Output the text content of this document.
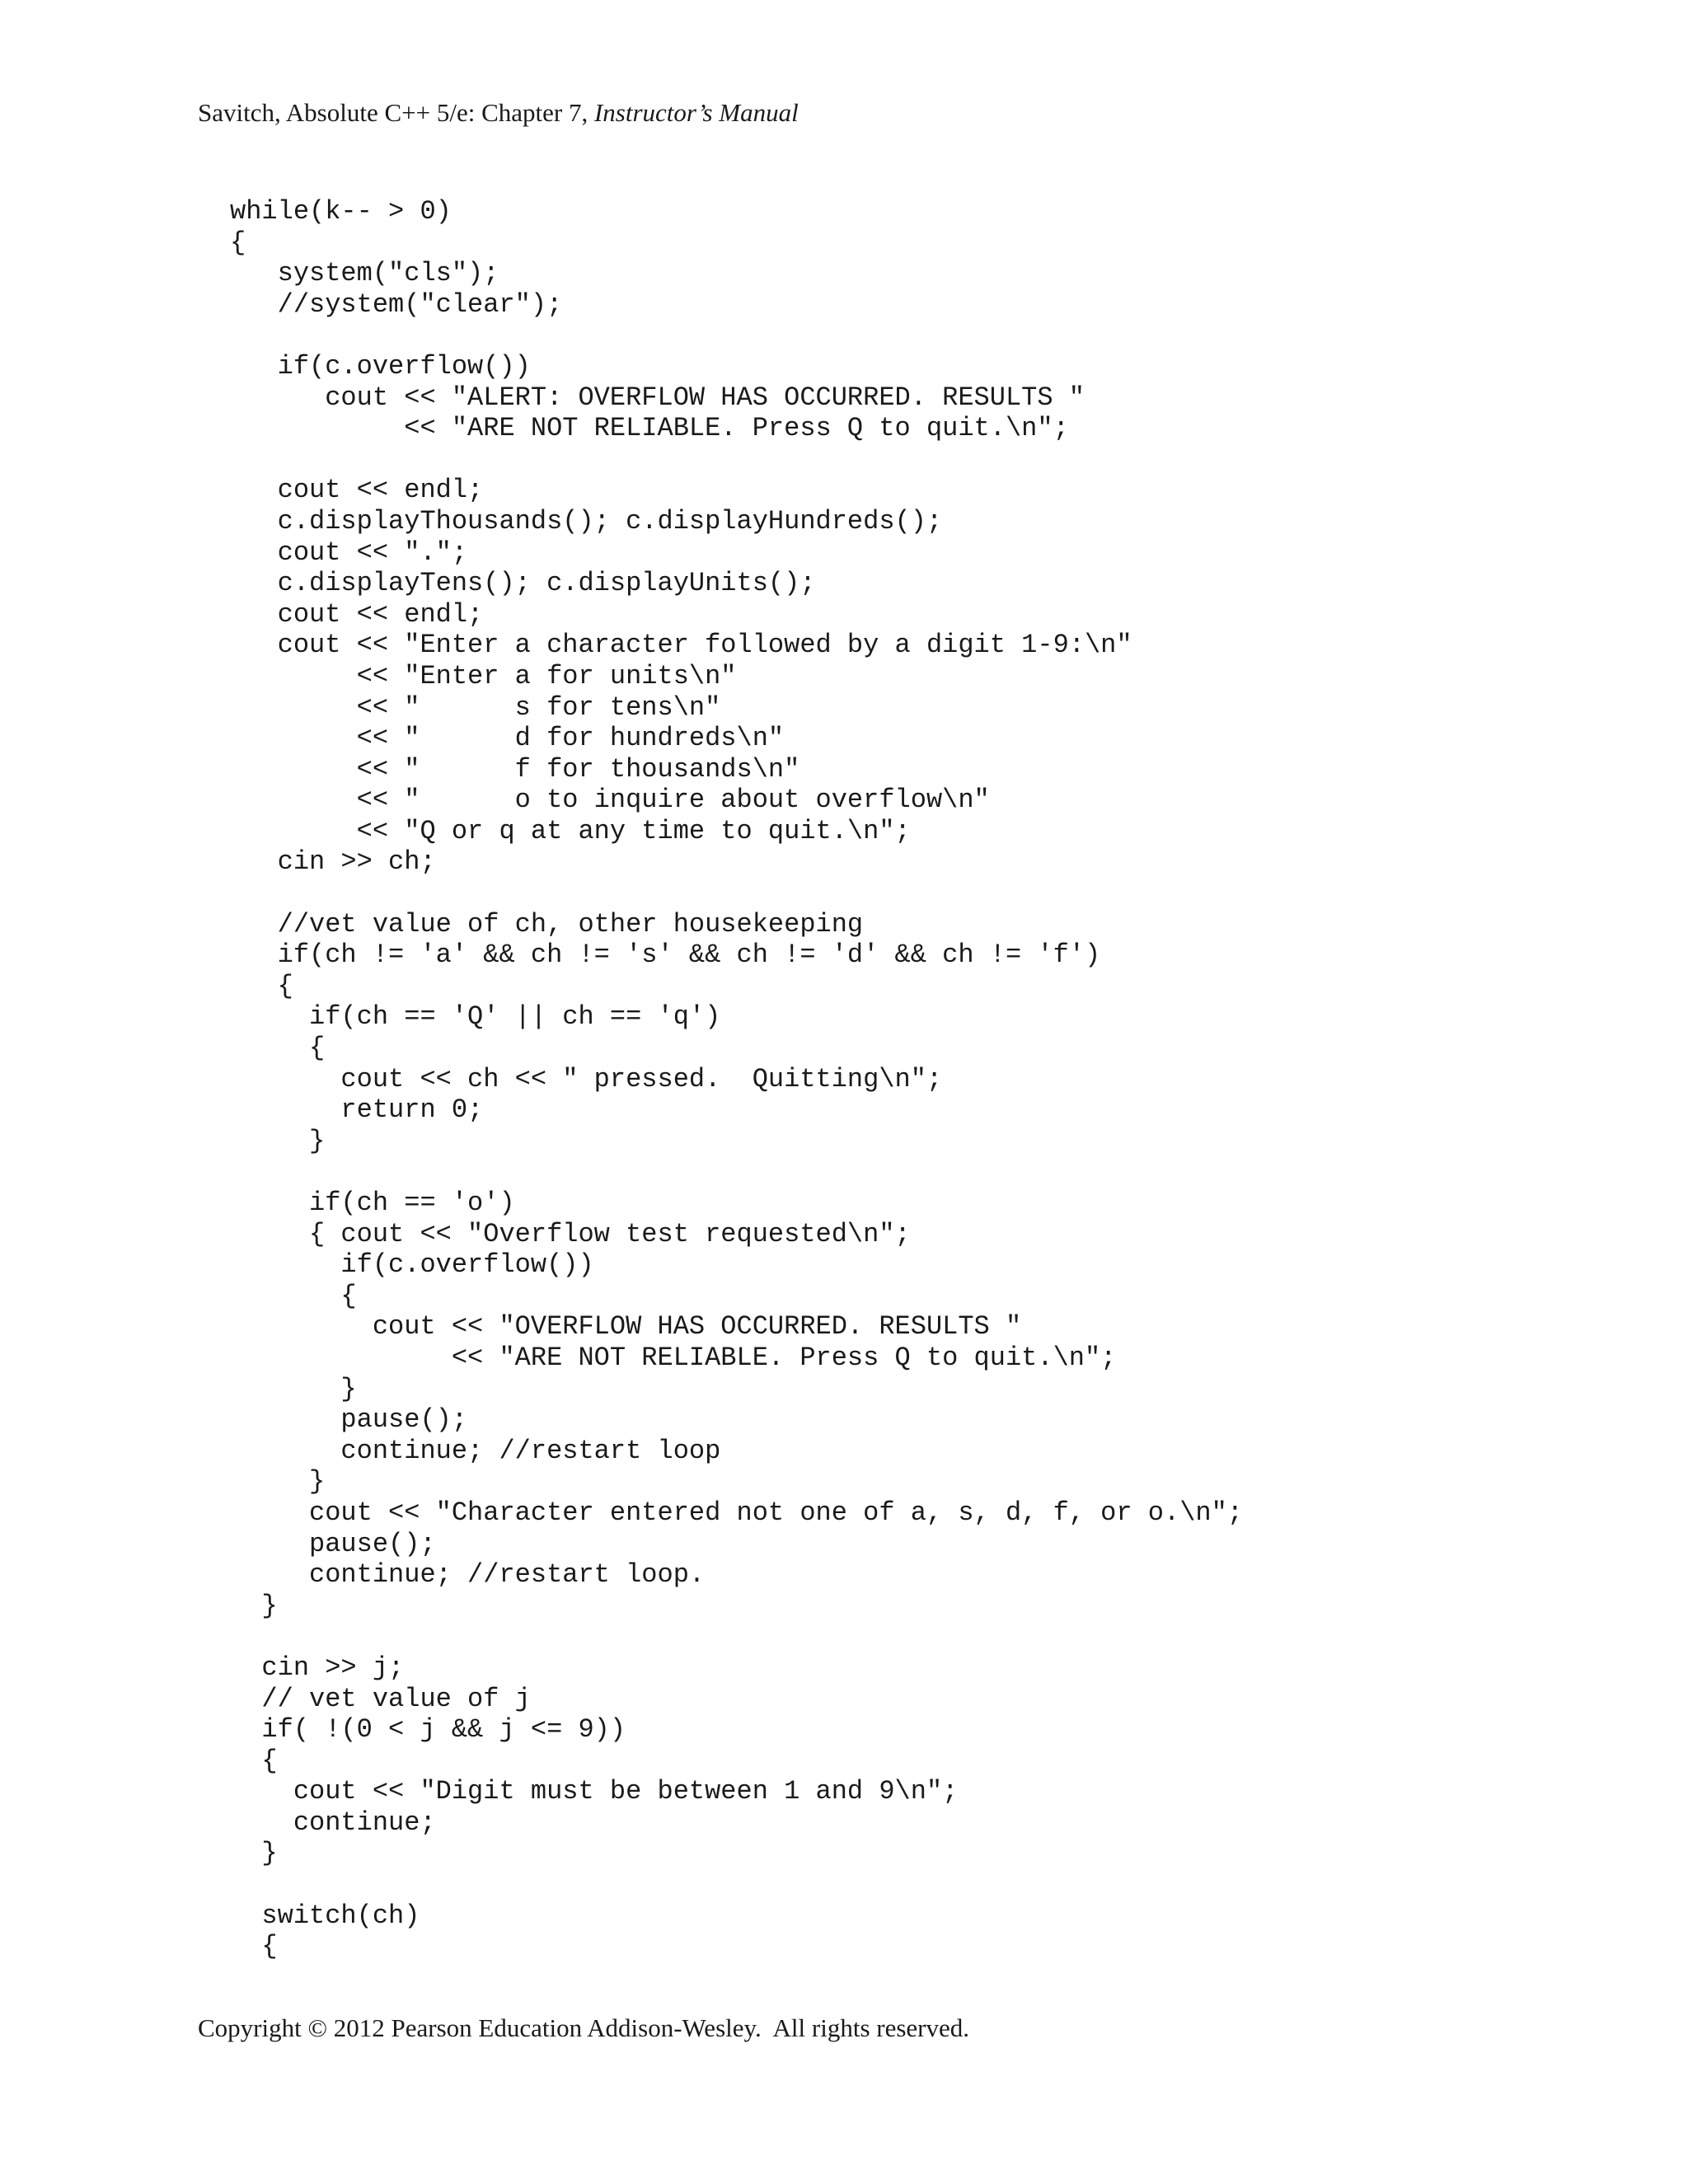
Savitch, Absolute C++ 5/e: Chapter 7, Instructor’s Manual
while(k-- > 0)
{
system("cls");
//system("clear");
if(c.overflow())
cout << "ALERT: OVERFLOW HAS OCCURRED. RESULTS "
<< "ARE NOT RELIABLE. Press Q to quit.\n";
cout << endl;
c.displayThousands(); c.displayHundreds();
cout << ".";
c.displayTens(); c.displayUnits();
cout << endl;
cout << "Enter a character followed by a digit 1-9:\n"
<< "Enter a for units\n"
<< "      s for tens\n"
<< "      d for hundreds\n"
<< "      f for thousands\n"
<< "      o to inquire about overflow\n"
<< "Q or q at any time to quit.\n";
cin >> ch;
//vet value of ch, other housekeeping
if(ch != 'a' && ch != 's' && ch != 'd' && ch != 'f')
{
if(ch == 'Q' || ch == 'q')
{
cout << ch << " pressed.  Quitting\n";
return 0;
}
if(ch == 'o')
{ cout << "Overflow test requested\n";
if(c.overflow())
{
cout << "OVERFLOW HAS OCCURRED. RESULTS "
<< "ARE NOT RELIABLE. Press Q to quit.\n";
}
pause();
continue; //restart loop
}
cout << "Character entered not one of a, s, d, f, or o.\n";
pause();
continue; //restart loop.
}
cin >> j;
// vet value of j
if( !(0 < j && j <= 9))
{
cout << "Digit must be between 1 and 9\n";
continue;
}
switch(ch)
{
Copyright © 2012 Pearson Education Addison-Wesley.  All rights reserved.
